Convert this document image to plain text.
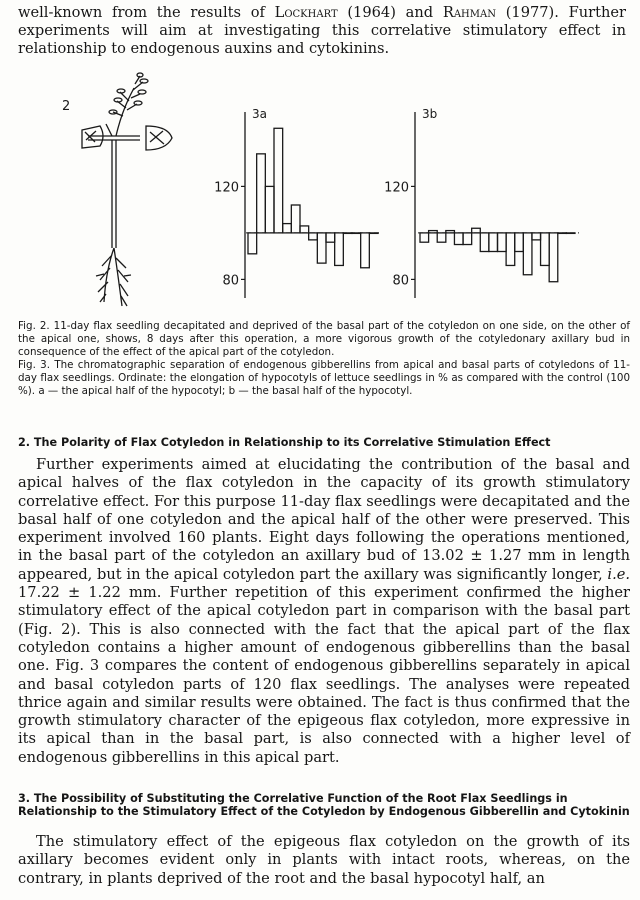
well-known from the results of Lockhart (1964) and Rahman (1977). Further experiments will aim at investigating this correlative stimulatory effect in relationship to endogenous auxins and cytokinins.
2	3a
80
120
3b
80
120

Fig. 2. 11-day flax seedling decapitated and deprived of the basal part of the cotyledon on one side, on the other of the apical one, shows, 8 days after this operation, a more vigorous growth of the cotyledonary axillary bud in consequence of the effect of the apical part of the cotyledon.

Fig. 3. The chromatographic separation of endogenous gibberellins from apical and basal parts of cotyledons of 11-day flax seedlings. Ordinate: the elongation of hypocotyls of lettuce seedlings in % as compared with the control (100 %). a — the apical half of the hypocotyl; b — the basal half of the hypocotyl.

2. The Polarity of Flax Cotyledon in Relationship to its Correlative Stimulation Effect

Further experiments aimed at elucidating the contribution of the basal and apical halves of the flax cotyledon in the capacity of its growth stimulatory correlative effect. For this purpose 11-day flax seedlings were decapitated and the basal half of one cotyledon and the apical half of the other were preserved. This experiment involved 160 plants. Eight days following the operations mentioned, in the basal part of the cotyledon an axillary bud of 13.02 ± 1.27 mm in length appeared, but in the apical cotyledon part the axillary was significantly longer, i.e. 17.22 ± 1.22 mm. Further repetition of this experiment confirmed the higher stimulatory effect of the apical cotyledon part in comparison with the basal part (Fig. 2). This is also connected with the fact that the apical part of the flax cotyledon contains a higher amount of endogenous gibberellins than the basal one. Fig. 3 compares the content of endogenous gibberellins separately in apical and basal cotyledon parts of 120 flax seedlings. The analyses were repeated thrice again and similar results were obtained. The fact is thus confirmed that the growth stimulatory character of the epigeous flax cotyledon, more expressive in its apical than in the basal part, is also connected with a higher level of endogenous gibberellins in this apical part.

3. The Possibility of Substituting the Correlative Function of the Root Flax Seedlings in Relationship to the Stimulatory Effect of the Cotyledon by Endogenous Gibberellin and Cytokinin

The stimulatory effect of the epigeous flax cotyledon on the growth of its axillary becomes evident only in plants with intact roots, whereas, on the contrary, in plants deprived of the root and the basal hypocotyl half, an
